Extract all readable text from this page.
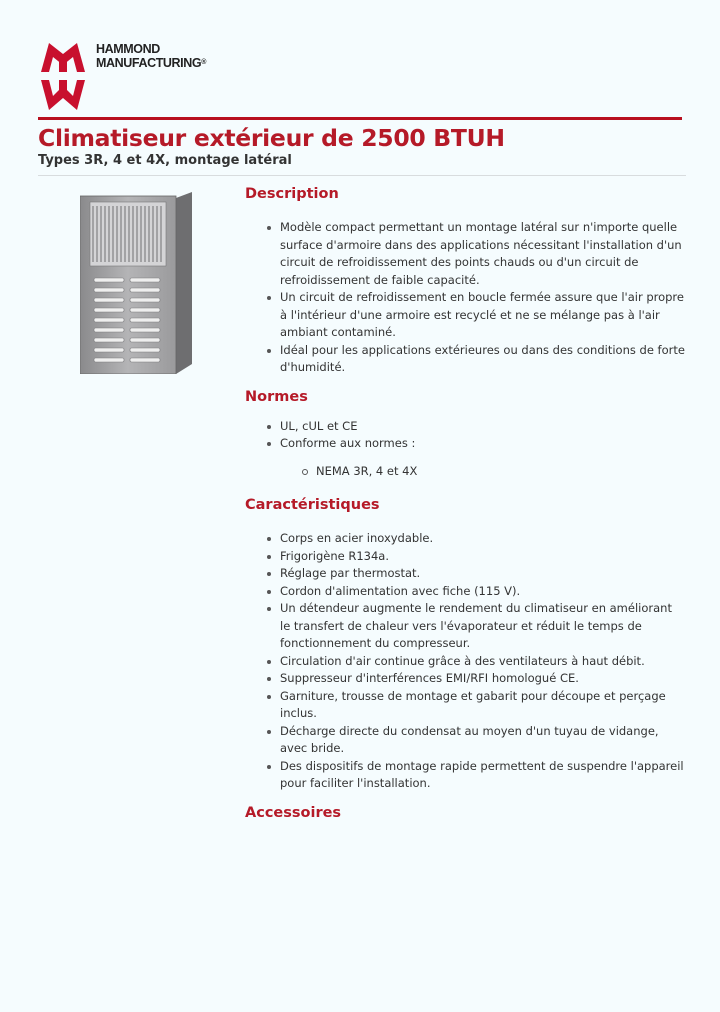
HAMMOND
MANUFACTURING®
Climatiseur extérieur de 2500 BTUH
Types 3R, 4 et 4X, montage latéral
Description
Modèle compact permettant un montage latéral sur n'importe quelle surface d'armoire dans des applications nécessitant l'installation d'un circuit de refroidissement des points chauds ou d'un circuit de refroidissement de faible capacité.
Un circuit de refroidissement en boucle fermée assure que l'air propre à l'intérieur d'une armoire est recyclé et ne se mélange pas à l'air ambiant contaminé.
Idéal pour les applications extérieures ou dans des conditions de forte d'humidité.
Normes
UL, cUL et CE
Conforme aux normes :
NEMA 3R, 4 et 4X
Caractéristiques
Corps en acier inoxydable.
Frigorigène R134a.
Réglage par thermostat.
Cordon d'alimentation avec fiche (115 V).
Un détendeur augmente le rendement du climatiseur en améliorant le transfert de chaleur vers l'évaporateur et réduit le temps de fonctionnement du compresseur.
Circulation d'air continue grâce à des ventilateurs à haut débit.
Suppresseur d'interférences EMI/RFI homologué CE.
Garniture, trousse de montage et gabarit pour découpe et perçage inclus.
Décharge directe du condensat au moyen d'un tuyau de vidange, avec bride.
Des dispositifs de montage rapide permettent de suspendre l'appareil pour faciliter l'installation.
Accessoires
